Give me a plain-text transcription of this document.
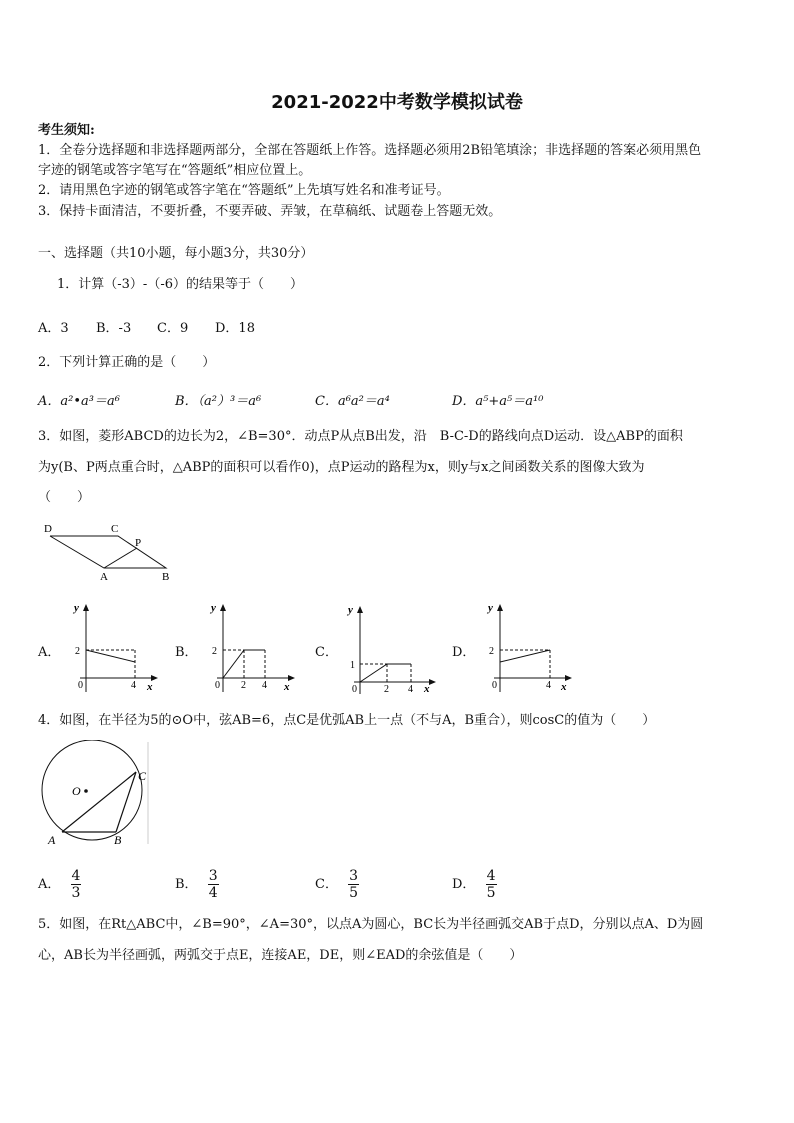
2021-2022中考数学模拟试卷
考生须知:
1．全卷分选择题和非选择题两部分，全部在答题纸上作答。选择题必须用2B铅笔填涂；非选择题的答案必须用黑色
字迹的钢笔或答字笔写在“答题纸”相应位置上。
2．请用黑色字迹的钢笔或答字笔在“答题纸”上先填写姓名和准考证号。
3．保持卡面清洁，不要折叠，不要弄破、弄皱，在草稿纸、试题卷上答题无效。
一、选择题（共10小题，每小题3分，共30分）
1．计算（-3）-（-6）的结果等于（　　）
A．3 B．-3 C．9 D．18
2．下列计算正确的是（　　）
A．a²•a³＝a⁶	B．（a²）³＝a⁶	C．a⁶a²＝a⁴	D．a⁵+a⁵＝a¹⁰
3．如图，菱形ABCD的边长为2，∠B=30°．动点P从点B出发，沿　B-C-D的路线向点D运动．设△ABP的面积
为y(B、P两点重合时，△ABP的面积可以看作0)，点P运动的路程为x，则y与x之间函数关系的图像大致为
（　　）
D	C
P
A	B
A．
y
x
2
0	4
B．
y
x
2
0 2 4
C．
y
x
1
0	2 4
D．
y
x
2
0	4
4．如图，在半径为5的⊙O中，弦AB=6，点C是优弧AB上一点（不与A，B重合），则cosC的值为（　　）
O
C
A	B
A． $\frac{4}{3}$	B． $\frac{3}{4}$	C． $\frac{3}{5}$	D． $\frac{4}{5}$
5．如图，在Rt△ABC中，∠B=90°，∠A=30°，以点A为圆心，BC长为半径画弧交AB于点D，分别以点A、D为圆
心，AB长为半径画弧，两弧交于点E，连接AE，DE，则∠EAD的余弦值是（　　）
